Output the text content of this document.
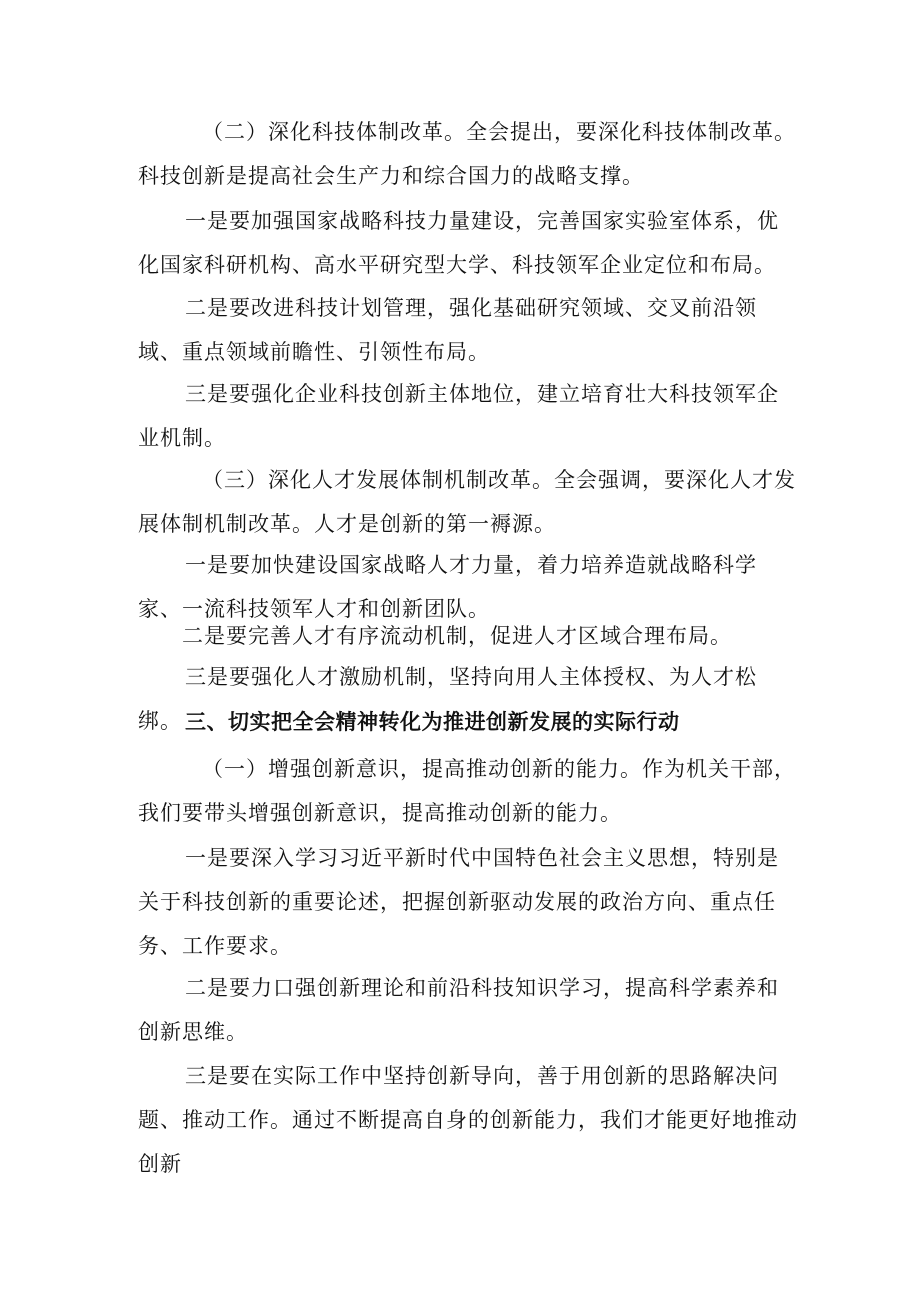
（二）深化科技体制改革。全会提出，要深化科技体制改革。科技创新是提高社会生产力和综合国力的战略支撑。

一是要加强国家战略科技力量建设，完善国家实验室体系，优化国家科研机构、高水平研究型大学、科技领军企业定位和布局。

二是要改进科技计划管理，强化基础研究领域、交叉前沿领域、重点领域前瞻性、引领性布局。

三是要强化企业科技创新主体地位，建立培育壮大科技领军企业机制。

（三）深化人才发展体制机制改革。全会强调，要深化人才发展体制机制改革。人才是创新的第一褥源。

一是要加快建设国家战略人才力量，着力培养造就战略科学家、一流科技领军人才和创新团队。

二是要完善人才有序流动机制，促进人才区域合理布局。

三是要强化人才激励机制，坚持向用人主体授权、为人才松绑。 三、切实把全会精神转化为推进创新发展的实际行动

（一）增强创新意识，提高推动创新的能力。作为机关干部，我们要带头增强创新意识，提高推动创新的能力。

一是要深入学习习近平新时代中国特色社会主义思想，特别是关于科技创新的重要论述，把握创新驱动发展的政治方向、重点任务、工作要求。

二是要力口强创新理论和前沿科技知识学习，提高科学素养和创新思维。

三是要在实际工作中坚持创新导向，善于用创新的思路解决问题、推动工作。通过不断提高自身的创新能力，我们才能更好地推动创新
